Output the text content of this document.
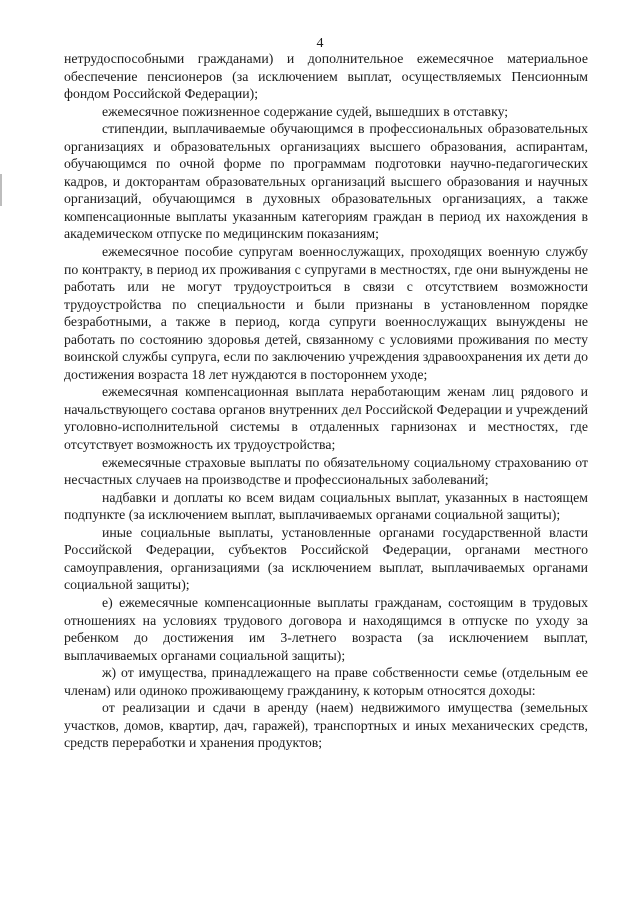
4

нетрудоспособными гражданами) и дополнительное ежемесячное материальное обеспечение пенсионеров (за исключением выплат, осуществляемых Пенсионным фондом Российской Федерации);

ежемесячное пожизненное содержание судей, вышедших в отставку;

стипендии, выплачиваемые обучающимся в профессиональных образовательных организациях и образовательных организациях высшего образования, аспирантам, обучающимся по очной форме по программам подготовки научно-педагогических кадров, и докторантам образовательных организаций высшего образования и научных организаций, обучающимся в духовных образовательных организациях, а также компенсационные выплаты указанным категориям граждан в период их нахождения в академическом отпуске по медицинским показаниям;

ежемесячное пособие супругам военнослужащих, проходящих военную службу по контракту, в период их проживания с супругами в местностях, где они вынуждены не работать или не могут трудоустроиться в связи с отсутствием возможности трудоустройства по специальности и были признаны в установленном порядке безработными, а также в период, когда супруги военнослужащих вынуждены не работать по состоянию здоровья детей, связанному с условиями проживания по месту воинской службы супруга, если по заключению учреждения здравоохранения их дети до достижения возраста 18 лет нуждаются в постороннем уходе;

ежемесячная компенсационная выплата неработающим женам лиц рядового и начальствующего состава органов внутренних дел Российской Федерации и учреждений уголовно-исполнительной системы в отдаленных гарнизонах и местностях, где отсутствует возможность их трудоустройства;

ежемесячные страховые выплаты по обязательному социальному страхованию от несчастных случаев на производстве и профессиональных заболеваний;

надбавки и доплаты ко всем видам социальных выплат, указанных в настоящем подпункте (за исключением выплат, выплачиваемых органами социальной защиты);

иные социальные выплаты, установленные органами государственной власти Российской Федерации, субъектов Российской Федерации, органами местного самоуправления, организациями (за исключением выплат, выплачиваемых органами социальной защиты);

е) ежемесячные компенсационные выплаты гражданам, состоящим в трудовых отношениях на условиях трудового договора и находящимся в отпуске по уходу за ребенком до достижения им 3-летнего возраста (за исключением выплат, выплачиваемых органами социальной защиты);

ж) от имущества, принадлежащего на праве собственности семье (отдельным ее членам) или одиноко проживающему гражданину, к которым относятся доходы:

от реализации и сдачи в аренду (наем) недвижимого имущества (земельных участков, домов, квартир, дач, гаражей), транспортных и иных механических средств, средств переработки и хранения продуктов;
